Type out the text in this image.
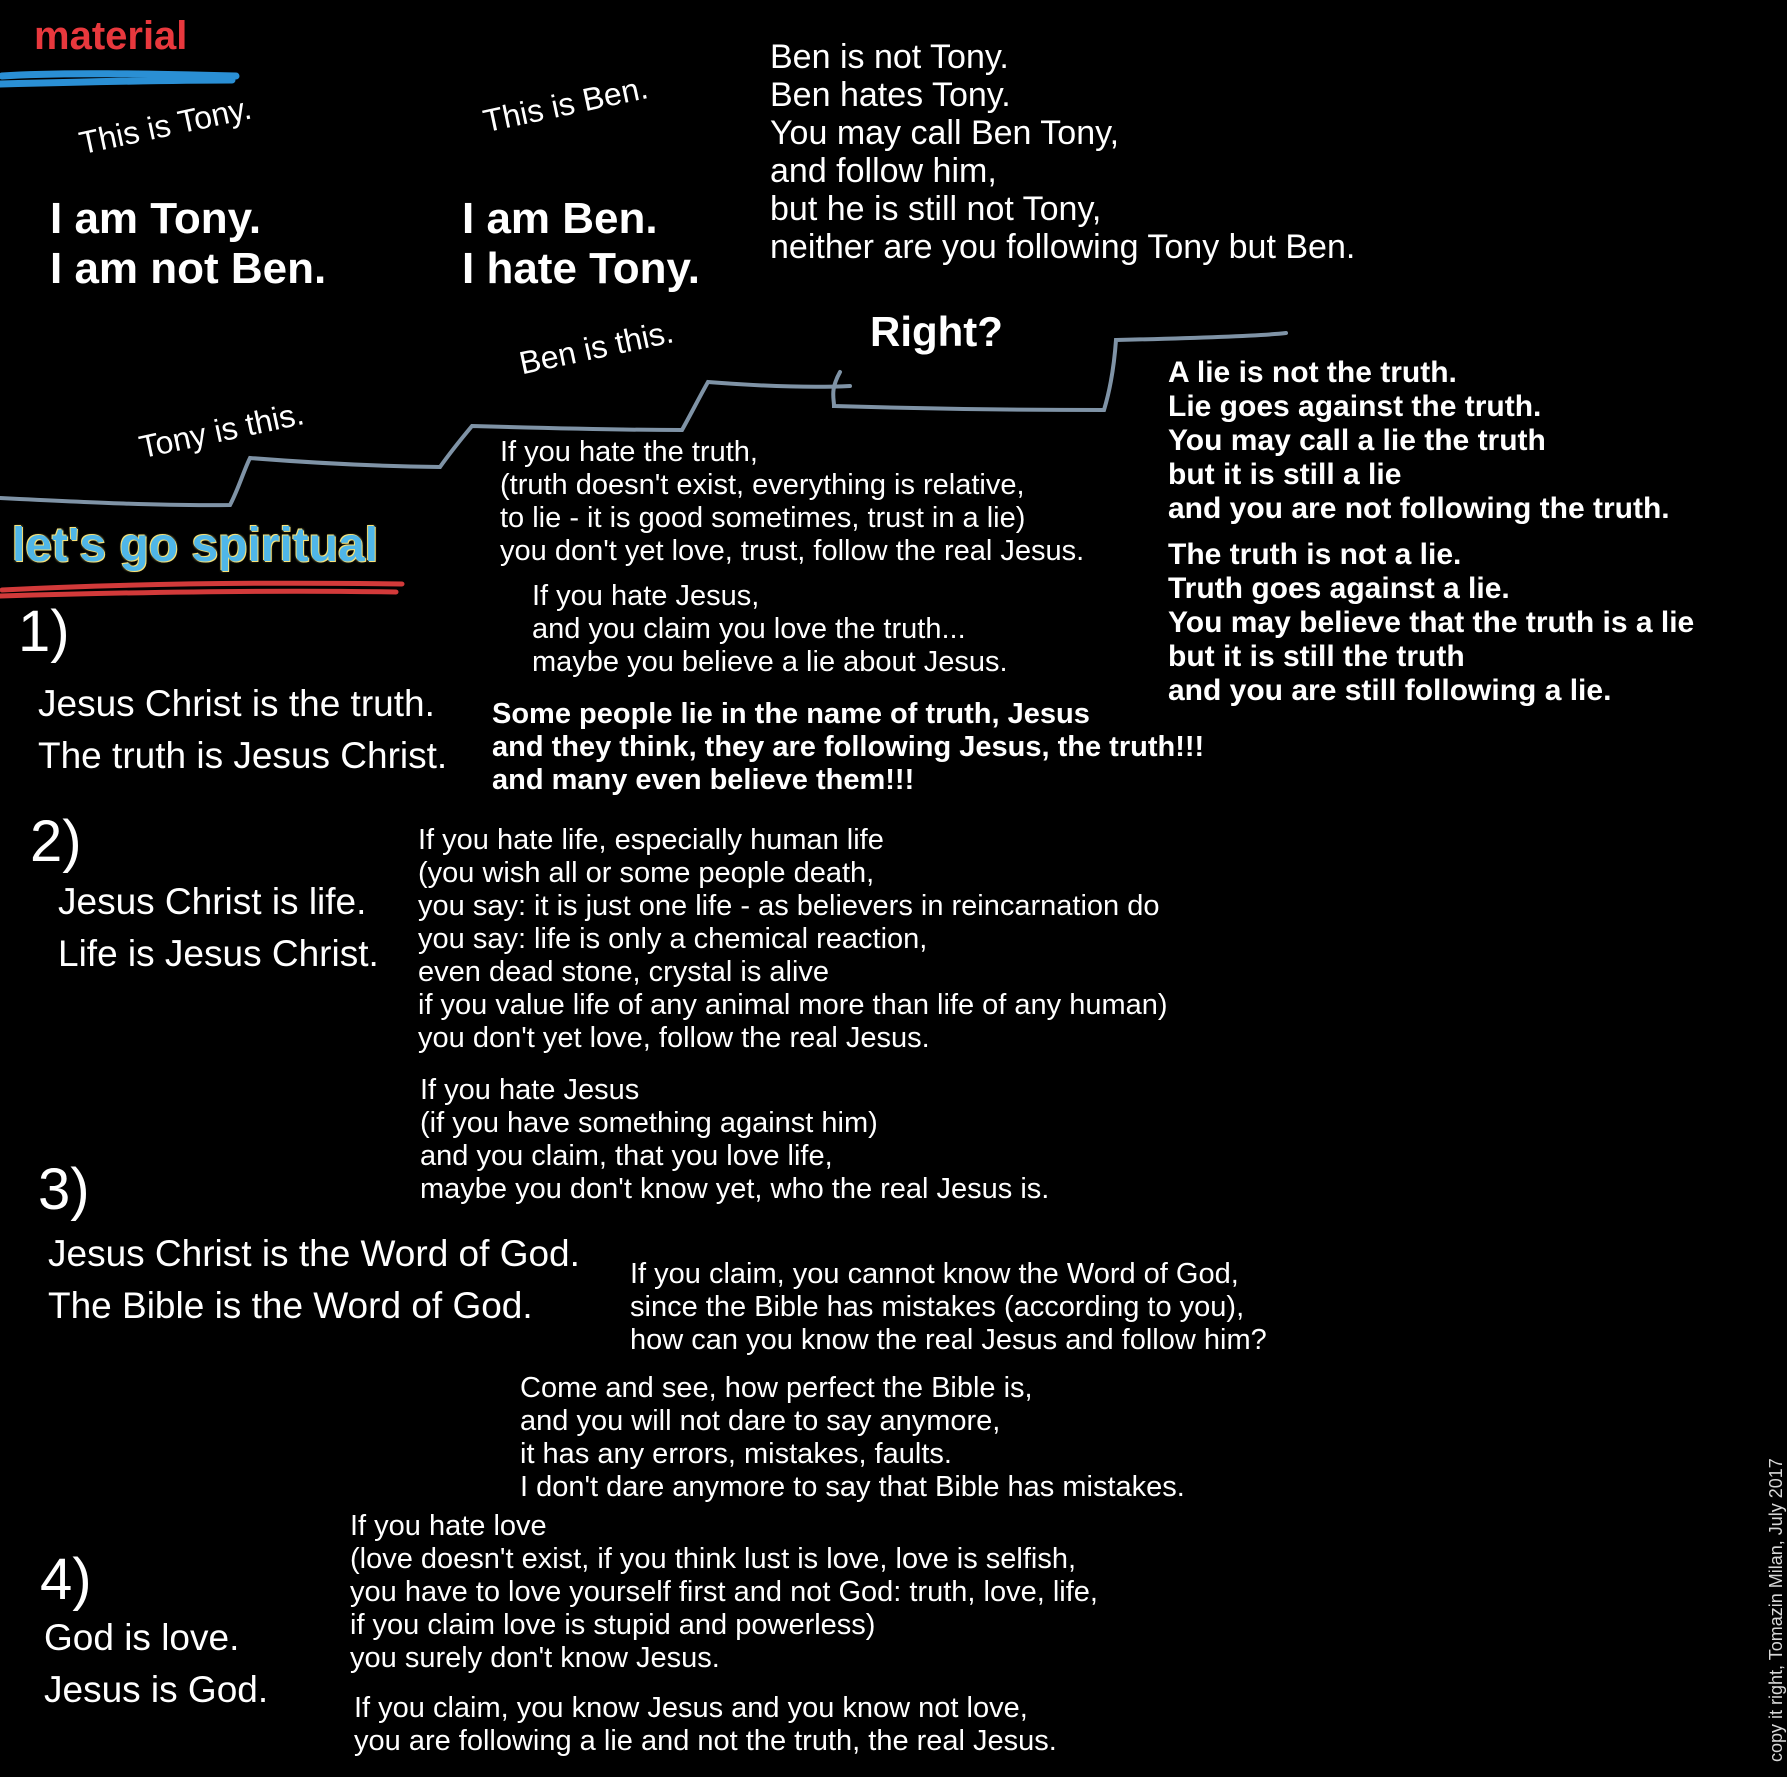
material
let's go spiritual
This is Tony.
I am Tony.
I am not Ben.
This is Ben.
I am Ben.
I hate Tony.
Ben is not Tony.
Ben hates Tony.
You may call Ben Tony,
and follow him,
but he is still not Tony,
neither are you following Tony but Ben.
Tony is this.
Ben is this.	Right?
A lie is not the truth.
Lie goes against the truth.
You may call a lie the truth
but it is still a lie
and you are not following the truth.
The truth is not a lie.
Truth goes against a lie.
You may believe that the truth is a lie
but it is still the truth
and you are still following a lie.
1)
Jesus Christ is the truth.
The truth is Jesus Christ.
If you hate the truth,
(truth doesn't exist, everything is relative,
to lie - it is good sometimes, trust in a lie)
you don't yet love, trust, follow the real Jesus.
If you hate Jesus,
and you claim you love the truth...
maybe you believe a lie about Jesus.
Some people lie in the name of truth, Jesus
and they think, they are following Jesus, the truth!!!
and many even believe them!!!
2)
Jesus Christ is life.
Life is Jesus Christ.
If you hate life, especially human life
(you wish all or some people death,
you say: it is just one life - as believers in reincarnation do
you say: life is only a chemical reaction,
even dead stone, crystal is alive
if you value life of any animal more than life of any human)
you don't yet love, follow the real Jesus.
If you hate Jesus
(if you have something against him)
and you claim, that you love life,
maybe you don't know yet, who the real Jesus is.
3)
Jesus Christ is the Word of God.
The Bible is the Word of God.
If you claim, you cannot know the Word of God,
since the Bible has mistakes (according to you),
how can you know the real Jesus and follow him?
Come and see, how perfect the Bible is,
and you will not dare to say anymore,
it has any errors, mistakes, faults.
I don't dare anymore to say that Bible has mistakes.
4)
God is love.
Jesus is God.
If you hate love
(love doesn't exist, if you think lust is love, love is selfish,
you have to love yourself first and not God: truth, love, life,
if you claim love is stupid and powerless)
you surely don't know Jesus.
If you claim, you know Jesus and you know not love,
you are following a lie and not the truth, the real Jesus.	copy it right, Tomazin Milan, July 2017
